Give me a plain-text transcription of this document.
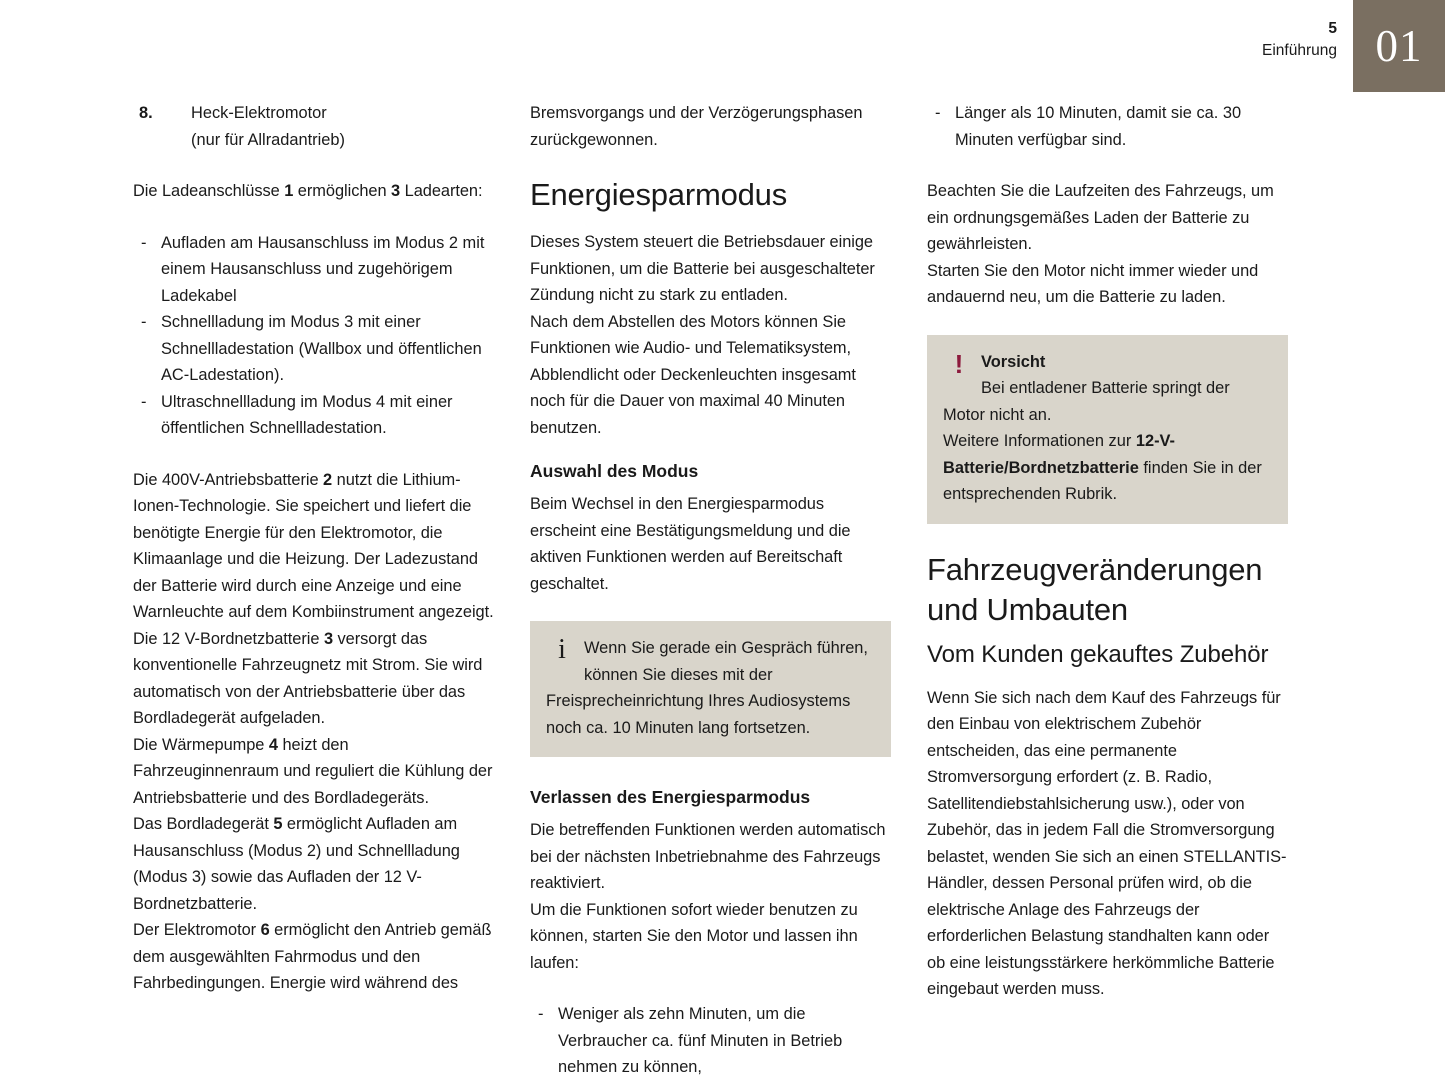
5
Einführung 01
8.	Heck-Elektromotor
(nur für Allradantrieb)

Die Ladeanschlüsse 1 ermöglichen 3 Ladearten:

- Aufladen am Hausanschluss im Modus 2 mit einem Hausanschluss und zugehörigem Ladekabel
- Schnellladung im Modus 3 mit einer Schnellladestation (Wallbox und öffentlichen AC-Ladestation).
- Ultraschnellladung im Modus 4 mit einer öffentlichen Schnellladestation.

Die 400V-Antriebsbatterie 2 nutzt die Lithium-Ionen-Technologie. Sie speichert und liefert die benötigte Energie für den Elektromotor, die Klimaanlage und die Heizung. Der Ladezustand der Batterie wird durch eine Anzeige und eine Warnleuchte auf dem Kombiinstrument angezeigt.

Die 12 V-Bordnetzbatterie 3 versorgt das konventionelle Fahrzeugnetz mit Strom. Sie wird automatisch von der Antriebsbatterie über das Bordladegerät aufgeladen.

Die Wärmepumpe 4 heizt den Fahrzeuginnenraum und reguliert die Kühlung der Antriebsbatterie und des Bordladegeräts.

Das Bordladegerät 5 ermöglicht Aufladen am Hausanschluss (Modus 2) und Schnellladung (Modus 3) sowie das Aufladen der 12 V-Bordnetzbatterie.

Der Elektromotor 6 ermöglicht den Antrieb gemäß dem ausgewählten Fahrmodus und den Fahrbedingungen. Energie wird während des

Bremsvorgangs und der Verzögerungsphasen zurückgewonnen.

Energiesparmodus

Dieses System steuert die Betriebsdauer einige Funktionen, um die Batterie bei ausgeschalteter Zündung nicht zu stark zu entladen.

Nach dem Abstellen des Motors können Sie Funktionen wie Audio- und Telematiksystem, Abblendlicht oder Deckenleuchten insgesamt noch für die Dauer von maximal 40 Minuten benutzen.

Auswahl des Modus

Beim Wechsel in den Energiesparmodus erscheint eine Bestätigungsmeldung und die aktiven Funktionen werden auf Bereitschaft geschaltet.

i	Wenn Sie gerade ein Gespräch führen, können Sie dieses mit der Freisprecheinrichtung Ihres Audiosystems noch ca. 10 Minuten lang fortsetzen.

Verlassen des Energiesparmodus

Die betreffenden Funktionen werden automatisch bei der nächsten Inbetriebnahme des Fahrzeugs reaktiviert.

Um die Funktionen sofort wieder benutzen zu können, starten Sie den Motor und lassen ihn laufen:

- Weniger als zehn Minuten, um die Verbraucher ca. fünf Minuten in Betrieb nehmen zu können,
- Länger als 10 Minuten, damit sie ca. 30 Minuten verfügbar sind.

Beachten Sie die Laufzeiten des Fahrzeugs, um ein ordnungsgemäßes Laden der Batterie zu gewährleisten.

Starten Sie den Motor nicht immer wieder und andauernd neu, um die Batterie zu laden.

!	Vorsicht

Bei entladener Batterie springt der Motor nicht an.

Weitere Informationen zur 12-V-Batterie/Bordnetzbatterie finden Sie in der entsprechenden Rubrik.

Fahrzeugveränderungen und Umbauten
Vom Kunden gekauftes Zubehör

Wenn Sie sich nach dem Kauf des Fahrzeugs für den Einbau von elektrischem Zubehör entscheiden, das eine permanente Stromversorgung erfordert (z. B. Radio, Satellitendiebstahlsicherung usw.), oder von Zubehör, das in jedem Fall die Stromversorgung belastet, wenden Sie sich an einen STELLANTIS-Händler, dessen Personal prüfen wird, ob die elektrische Anlage des Fahrzeugs der erforderlichen Belastung standhalten kann oder ob eine leistungsstärkere herkömmliche Batterie eingebaut werden muss.
